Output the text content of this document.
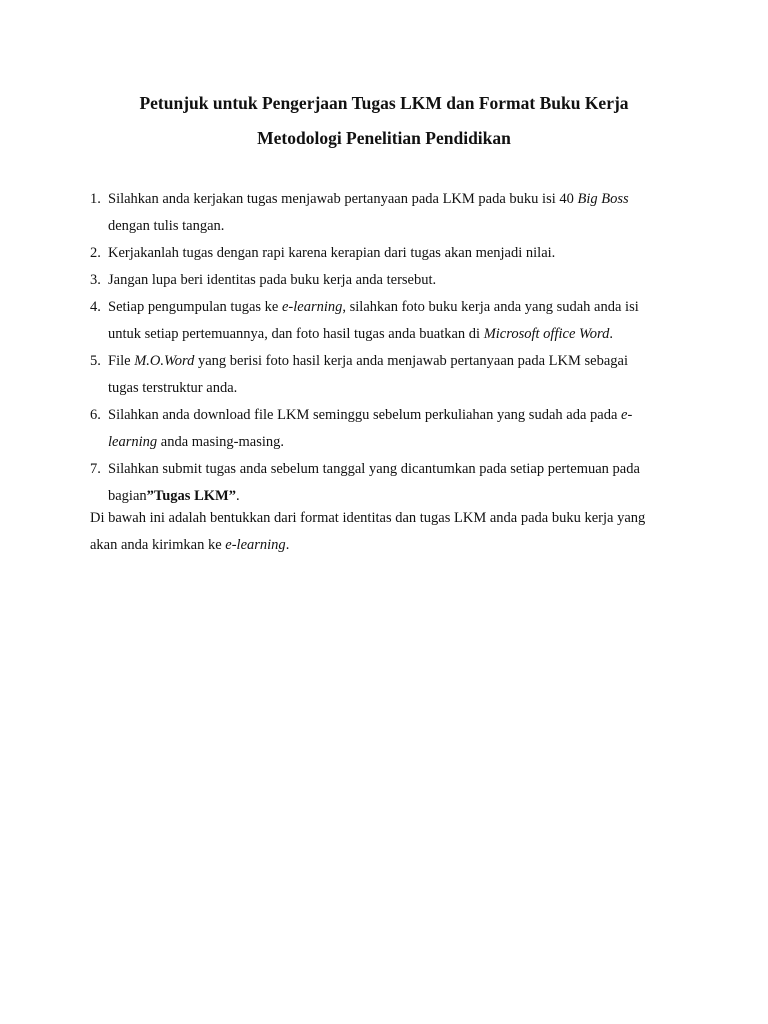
Petunjuk untuk Pengerjaan Tugas LKM dan Format Buku Kerja
Metodologi Penelitian Pendidikan
1. Silahkan anda kerjakan tugas menjawab pertanyaan pada LKM pada buku isi 40 Big Boss
dengan tulis tangan.
2. Kerjakanlah tugas dengan rapi karena kerapian dari tugas akan menjadi nilai.
3. Jangan lupa beri identitas pada buku kerja anda tersebut.
4. Setiap pengumpulan tugas ke e-learning, silahkan foto buku kerja anda yang sudah anda isi
untuk setiap pertemuannya, dan foto hasil tugas anda buatkan di Microsoft office Word.
5. File M.O.Word yang berisi foto hasil kerja anda menjawab pertanyaan pada LKM sebagai
tugas terstruktur anda.
6. Silahkan anda download file LKM seminggu sebelum perkuliahan yang sudah ada pada e-
learning anda masing-masing.
7. Silahkan submit tugas anda sebelum tanggal yang dicantumkan pada setiap pertemuan pada
bagian”Tugas LKM”.
Di bawah ini adalah bentukkan dari format identitas dan tugas LKM anda pada buku kerja yang
akan anda kirimkan ke e-learning.
